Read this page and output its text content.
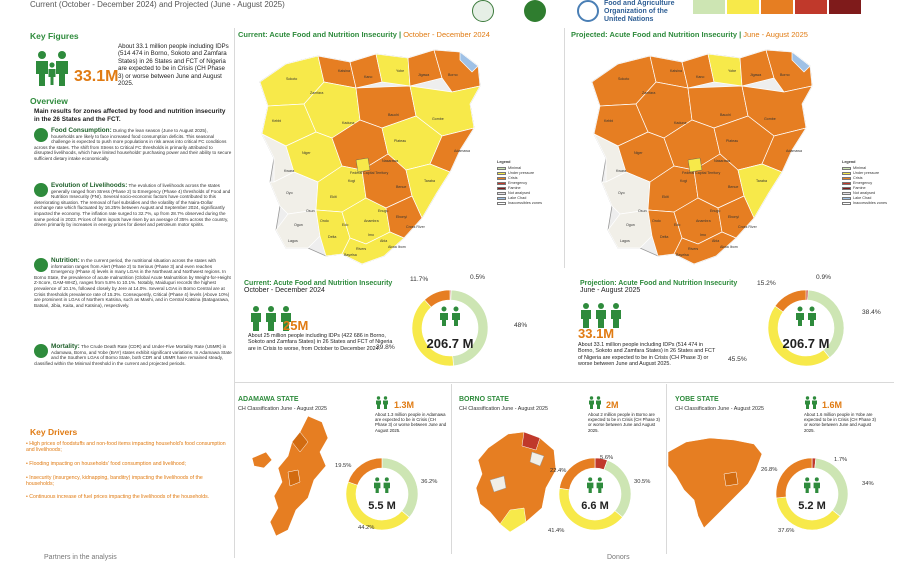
Current (October - December 2024) and Projected (June - August 2025)	Food and Agriculture
Organization of the
United Nations
Key Figures
33.1M
About 33.1 million people including IDPs (514 474 in Borno, Sokoto and Zamfara States) in 26 States and FCT of Nigeria are expected to be in Crisis (CH Phase 3) or worse between June and August 2025.
Overview
Main results for zones affected by food and nutrition insecurity in the 26 States and the FCT.
Food Consumption: During the lean season (June to August 2025), households are likely to face increased food consumption deficits. This seasonal challenge is expected to push more populations in risk areas into critical FC conditions across the states. The shift from Stress to Critical FC thresholds is primarily attributed to disrupted livelihoods, which have limited households' purchasing power and their ability to secure sufficient dietary intake economically.
Evolution of Livelihoods: The evolution of livelihoods across the states generally ranged from Stress (Phase 2) to Emergency (Phase 4) thresholds of Food and Nutrition Insecurity (FNI). Several socio-economic factors have contributed to this deteriorating situation. The removal of fuel subsidies and the volatility of the Naira-Dollar exchange rate which fluctuated by 16.25% between August and September 2024, significantly impacted the economy. The inflation rate surged to 32.7%, up from 28.7% observed during the same period in 2023. Prices of farm inputs have risen by an average of 35% across the country, driven primarily by increases in energy prices for diesel and petroleum motor spirits.
Nutrition: In the current period, the nutritional situation across the states with information ranges from Alert (Phase 2) to Serious (Phase 3) and even reaches Emergency (Phase 4) levels in many LGAs in the Northeast and Northwest regions. In Borno State, the prevalence of acute malnutrition (Global Acute Malnutrition by Weight-for-Height Z-Score, GAM-WHZ), ranges from 5.8% to 10.1%. Notably, Maiduguri records the highest prevalence of 10.1%, followed closely by Jere at 14.0%. Several LGAs in Borno Central are at Crisis thresholds prevalence rate of 15.3%. Consequently, Critical (Phase 4) levels (Above 10%) are prominent in LGAs of Northern Katsina, such as Mashi, and in Central Katsina (Batagarawa, Batsari, Jibia, Kaita, and Katsina), respectively.
Mortality: The Crude Death Rate (CDR) and Under-Five Mortality Rate (U5MR) in Adamawa, Borno, and Yobe (BAY) states exhibit significant variations. In Adamawa State and the Southern LGAs of Borno State, both CDR and U5MR have remained steady, classified within the Minimal threshold in the current and projected periods.
Key Drivers
• High prices of foodstuffs and non-food items impacting household's food consumption and livelihoods;
• Flooding impacting on households' food consumption and livelihood;
• Insecurity (insurgency, kidnapping, banditry) impacting the livelihoods of the households;
• Continuous increase of fuel prices impacting the livelihoods of the households.
Partners in the analysis	Donors
Current: Acute Food and Nutrition Insecurity | October - December 2024
Sokoto
Katsina
Kano
Yobe
Borno
Zamfara
Jigawa
Kebbi
Bauchi
Gombe
Kaduna
Niger	Adamawa
Plateau
Taraba
Kwara
Nasarawa
Oyo
Kogi
Benue
Ekiti
Osun
Ondo
Edo
Enugu
Anambra
Ebonyi
Imo
Cross River
Ogun
Lagos
Delta
Abia
Rivers	Akwa Ibom
Bayelsa
Federal Capital Territory
Legend
Minimal
Under pressure
Crisis
Emergency
Famine
Not analysed
Lake Chad
Inaccessibles zones
Projected: Acute Food and Nutrition Insecurity | June - August 2025
Sokoto
Katsina
Kano
Yobe
Borno
Zamfara
Jigawa
Kebbi
Bauchi
Gombe
Kaduna
Niger	Adamawa
Plateau
Taraba
Kwara
Nasarawa
Oyo
Kogi
Benue
Ekiti
Osun
Ondo
Edo
Enugu
Anambra
Ebonyi
Imo
Cross River
Ogun
Lagos
Delta
Abia
Rivers	Akwa Ibom
Bayelsa
Federal Capital Territory
Legend
Minimal
Under pressure
Crisis
Emergency
Famine
Not analysed
Lake Chad
Inaccessibles zones
Current: Acute Food and Nutrition Insecurity
October - December 2024
25M
About 25 million people including IDPs (422 686 in Borno, Sokoto and Zamfara States) in 26 States and FCT of Nigeria are in Crisis to worse, from October to December 2024.	206.7 M
11.7%	0.5%
48%
39.8%
Projection: Acute Food and Nutrition Insecurity
June - August 2025
33.1M
About 33.1 million people including IDPs (514 474 in Borno, Sokoto and Zamfara States) in 26 States and FCT of Nigeria are expected to be in Crisis (CH Phase 3) or worse between June and August 2025.
206.7 M
15.2%
0.9%
38.4%
45.5%
ADAMAWA STATE
CH Classification June - August 2025	1.3M
About 1.3 million people in Adamawa are expected to be in Crisis (CH Phase 3) or worse between June and August 2025.
5.5 M
19.5%
36.2%
44.2%
BORNO STATE
CH Classification June - August 2025	2M
About 2 million people in Borno are expected to be in Crisis (CH Phase 3) or worse between June and August 2025.
6.6 M
22.4%
5.6%
30.5%
41.4%
YOBE STATE
CH Classification June - August 2025	1.6M
About 1.6 million people in Yobe are expected to be in Crisis (CH Phase 3) or worse between June and August 2025.
5.2 M
1.7%
26.8%
34%
37.6%
